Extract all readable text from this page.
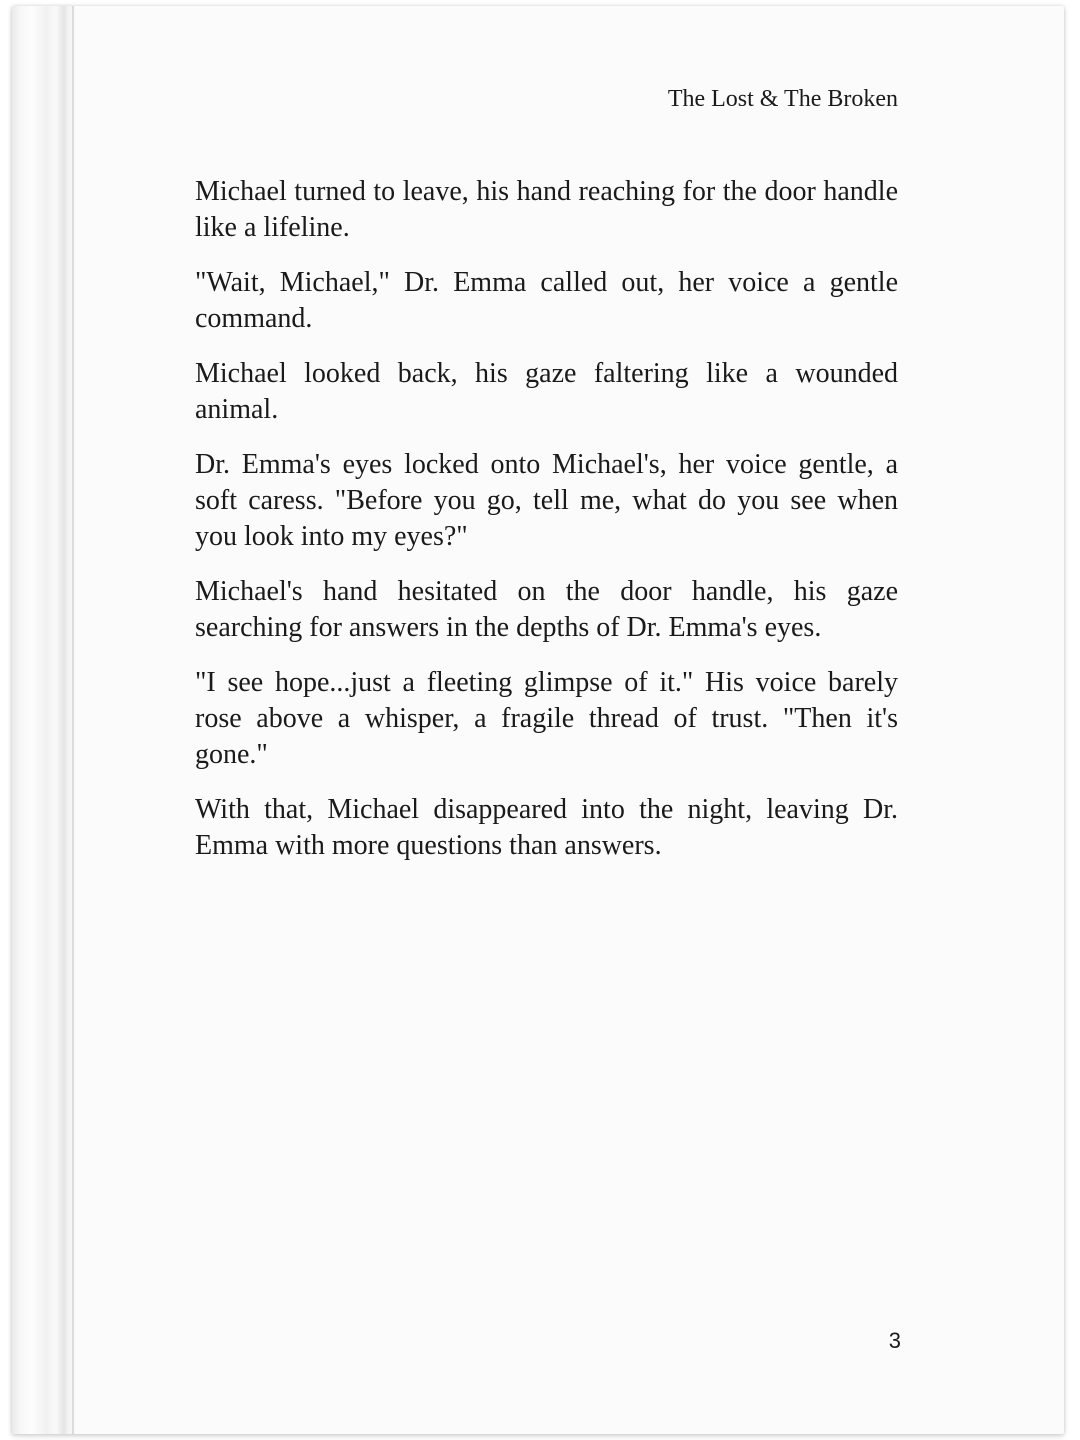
The Lost & The Broken

Michael turned to leave, his hand reaching for the door handle like a lifeline.

"Wait, Michael," Dr. Emma called out, her voice a gentle command.

Michael looked back, his gaze faltering like a wounded animal.

Dr. Emma's eyes locked onto Michael's, her voice gentle, a soft caress. "Before you go, tell me, what do you see when you look into my eyes?"

Michael's hand hesitated on the door handle, his gaze searching for answers in the depths of Dr. Emma's eyes.

"I see hope...just a fleeting glimpse of it." His voice barely rose above a whisper, a fragile thread of trust. "Then it's gone."

With that, Michael disappeared into the night, leaving Dr. Emma with more questions than answers.

3
